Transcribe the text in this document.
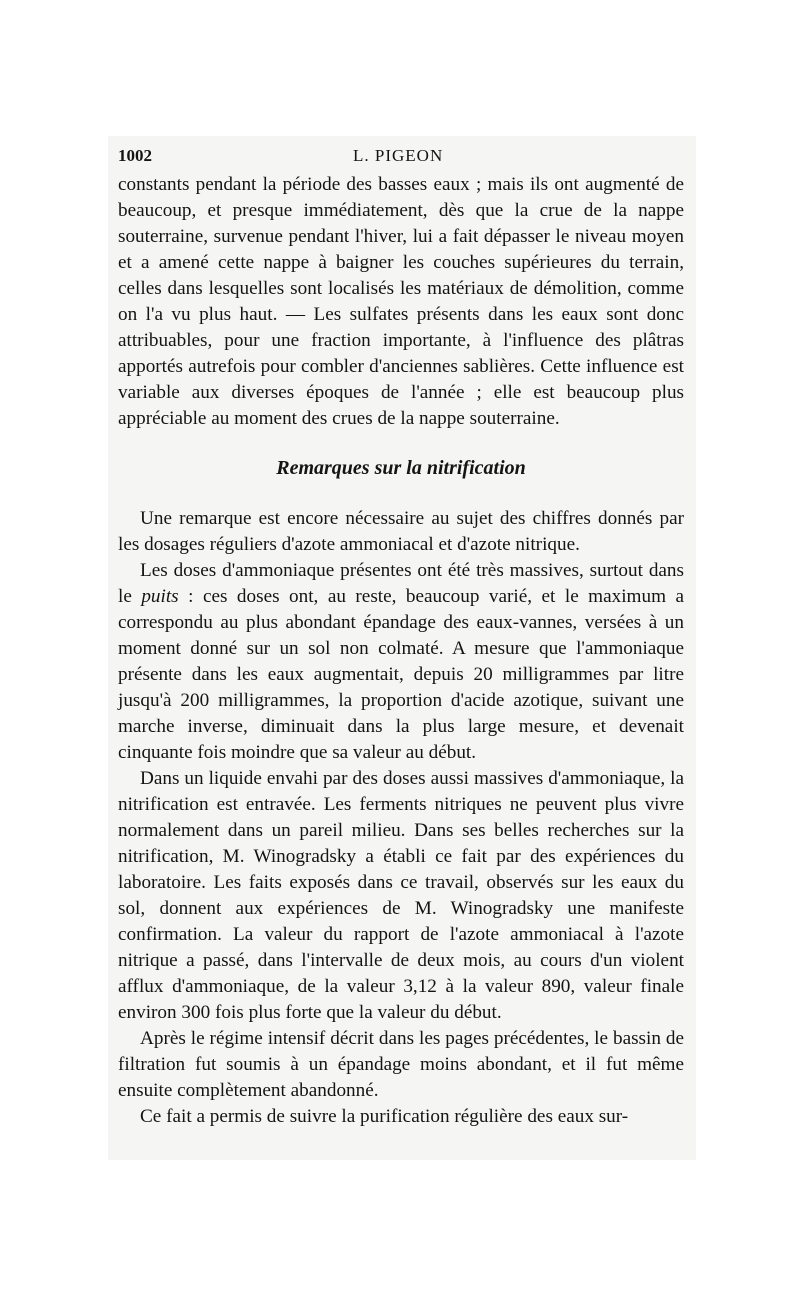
1002	L. PIGEON

constants pendant la période des basses eaux ; mais ils ont augmenté de beaucoup, et presque immédiatement, dès que la crue de la nappe souterraine, survenue pendant l'hiver, lui a fait dépasser le niveau moyen et a amené cette nappe à baigner les couches supérieures du terrain, celles dans lesquelles sont localisés les matériaux de démolition, comme on l'a vu plus haut. — Les sulfates présents dans les eaux sont donc attribuables, pour une fraction importante, à l'influence des plâtras apportés autrefois pour combler d'anciennes sablières. Cette influence est variable aux diverses époques de l'année ; elle est beaucoup plus appréciable au moment des crues de la nappe souterraine.

Remarques sur la nitrification

Une remarque est encore nécessaire au sujet des chiffres donnés par les dosages réguliers d'azote ammoniacal et d'azote nitrique.

Les doses d'ammoniaque présentes ont été très massives, surtout dans le puits : ces doses ont, au reste, beaucoup varié, et le maximum a correspondu au plus abondant épandage des eaux-vannes, versées à un moment donné sur un sol non colmaté. A mesure que l'ammoniaque présente dans les eaux augmentait, depuis 20 milligrammes par litre jusqu'à 200 milligrammes, la proportion d'acide azotique, suivant une marche inverse, diminuait dans la plus large mesure, et devenait cinquante fois moindre que sa valeur au début.

Dans un liquide envahi par des doses aussi massives d'ammoniaque, la nitrification est entravée. Les ferments nitriques ne peuvent plus vivre normalement dans un pareil milieu. Dans ses belles recherches sur la nitrification, M. Winogradsky a établi ce fait par des expériences du laboratoire. Les faits exposés dans ce travail, observés sur les eaux du sol, donnent aux expériences de M. Winogradsky une manifeste confirmation. La valeur du rapport de l'azote ammoniacal à l'azote nitrique a passé, dans l'intervalle de deux mois, au cours d'un violent afflux d'ammoniaque, de la valeur 3,12 à la valeur 890, valeur finale environ 300 fois plus forte que la valeur du début.

Après le régime intensif décrit dans les pages précédentes, le bassin de filtration fut soumis à un épandage moins abondant, et il fut même ensuite complètement abandonné.

Ce fait a permis de suivre la purification régulière des eaux sur-
